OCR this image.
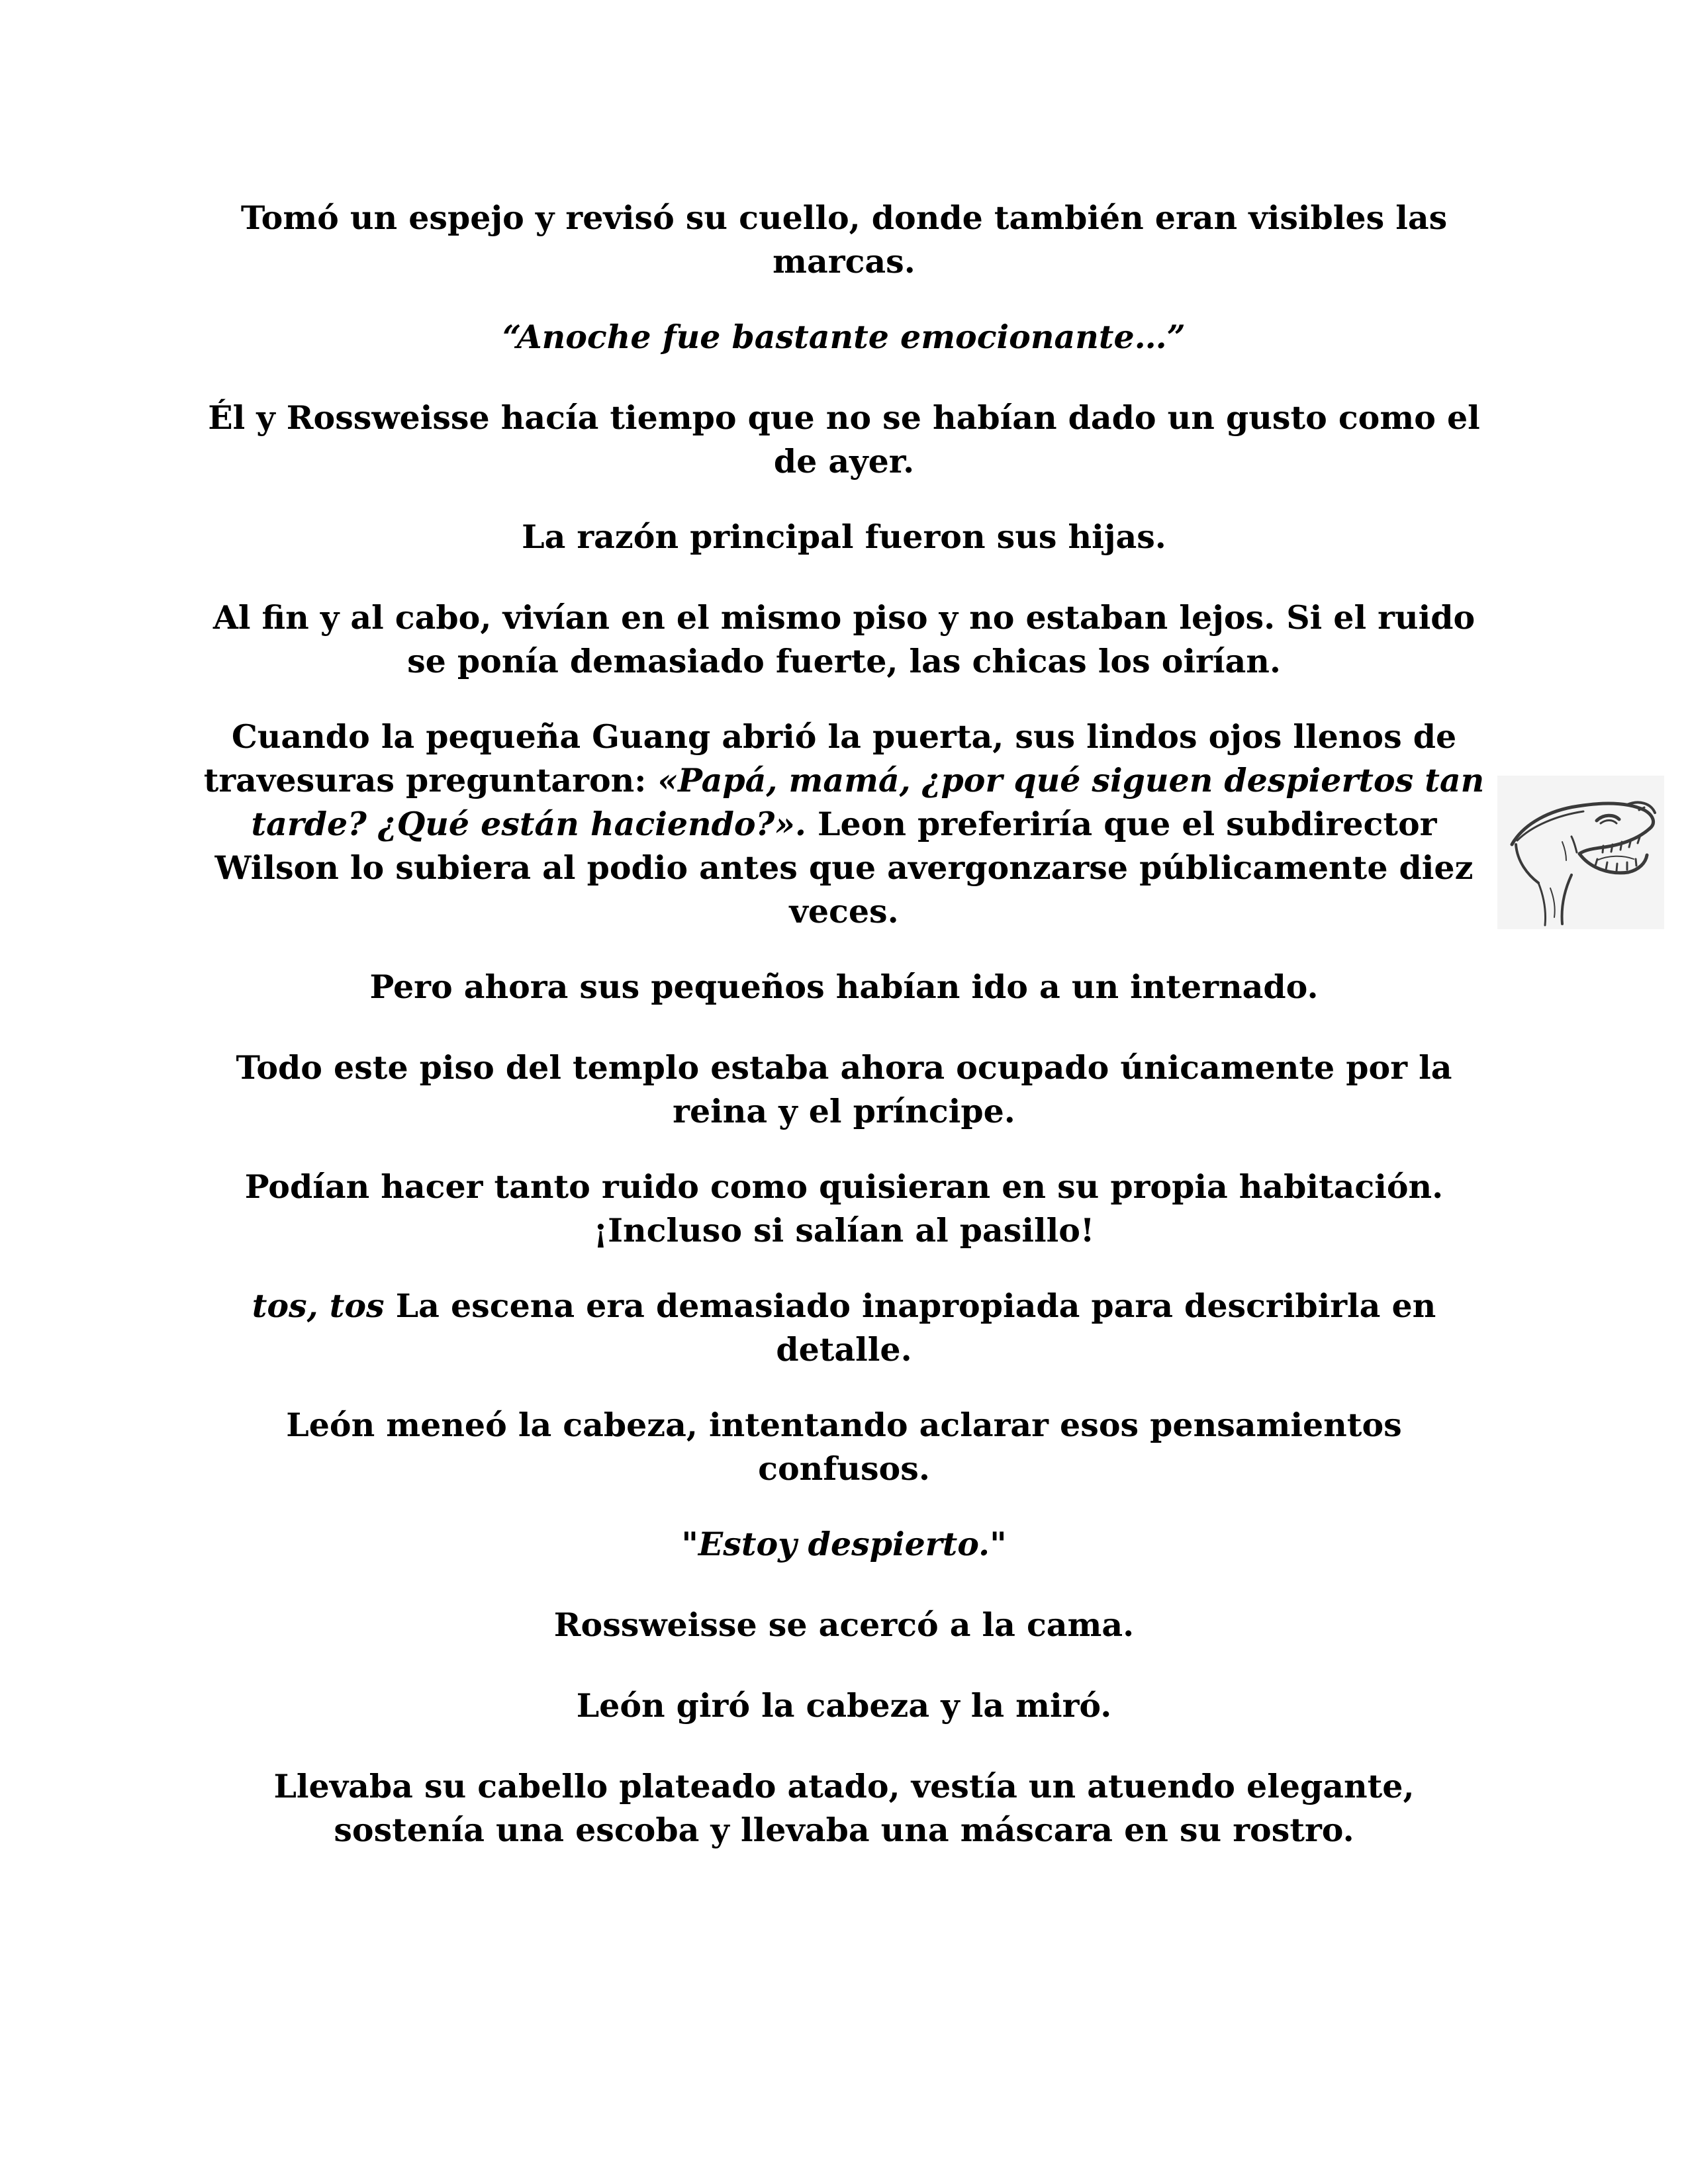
Tomó un espejo y revisó su cuello, donde también eran visibles las marcas.

“Anoche fue bastante emocionante…”

Él y Rossweisse hacía tiempo que no se habían dado un gusto como el de ayer.

La razón principal fueron sus hijas.

Al fin y al cabo, vivían en el mismo piso y no estaban lejos. Si el ruido se ponía demasiado fuerte, las chicas los oirían.

Cuando la pequeña Guang abrió la puerta, sus lindos ojos llenos de travesuras preguntaron: «Papá, mamá, ¿por qué siguen despiertos tan tarde? ¿Qué están haciendo?». Leon preferiría que el subdirector Wilson lo subiera al podio antes que avergonzarse públicamente diez veces.

Pero ahora sus pequeños habían ido a un internado.

Todo este piso del templo estaba ahora ocupado únicamente por la reina y el príncipe.

Podían hacer tanto ruido como quisieran en su propia habitación. ¡Incluso si salían al pasillo!

tos, tos La escena era demasiado inapropiada para describirla en detalle.

León meneó la cabeza, intentando aclarar esos pensamientos confusos.

"Estoy despierto."

Rossweisse se acercó a la cama.

León giró la cabeza y la miró.

Llevaba su cabello plateado atado, vestía un atuendo elegante, sostenía una escoba y llevaba una máscara en su rostro.
